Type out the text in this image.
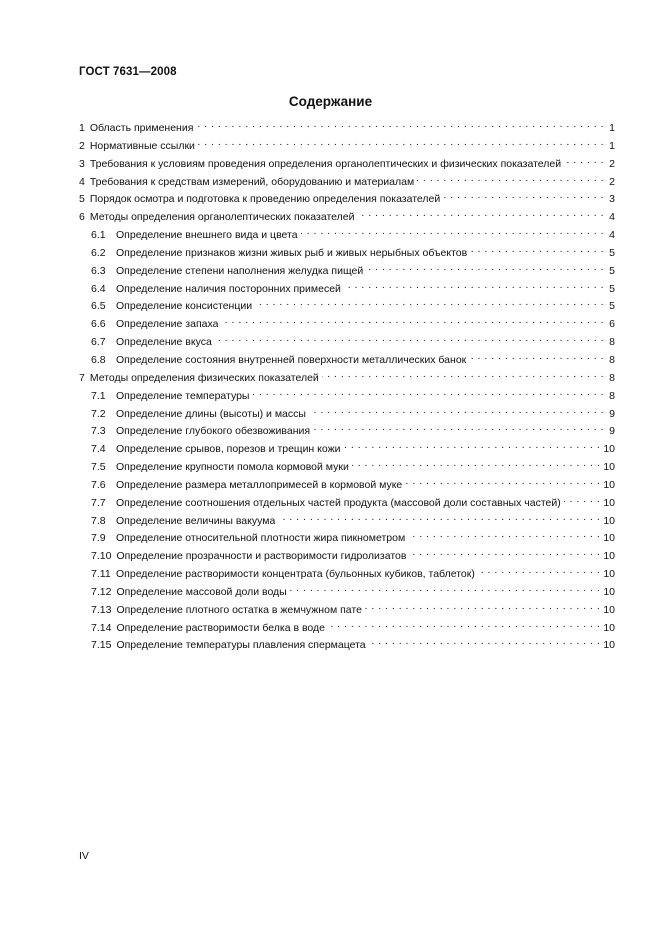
ГОСТ 7631—2008
Содержание
1 Область применения . . .	1
2 Нормативные ссылки . . .	1
3 Требования к условиям проведения определения органолептических и физических показателей . . .	2
4 Требования к средствам измерений, оборудованию и материалам . . .	2
5 Порядок осмотра и подготовка к проведению определения показателей . . .	3
6 Методы определения органолептических показателей . . .	4
6.1 Определение внешнего вида и цвета . . .	4
6.2 Определение признаков жизни живых рыб и живых нерыбных объектов . . .	5
6.3 Определение степени наполнения желудка пищей . . .	5
6.4 Определение наличия посторонних примесей . . .	5
6.5 Определение консистенции . . .	5
6.6 Определение запаха . . .	6
6.7 Определение вкуса . . .	8
6.8 Определение состояния внутренней поверхности металлических банок . . .	8
7 Методы определения физических показателей . . .	8
7.1 Определение температуры . . .	8
7.2 Определение длины (высоты) и массы . . .	9
7.3 Определение глубокого обезвоживания . . .	9
7.4 Определение срывов, порезов и трещин кожи . . .	10
7.5 Определение крупности помола кормовой муки . . .	10
7.6 Определение размера металлопримесей в кормовой муке . . .	10
7.7 Определение соотношения отдельных частей продукта (массовой доли составных частей) . . .	10
7.8 Определение величины вакуума . . .	10
7.9 Определение относительной плотности жира пикнометром . . .	10
7.10 Определение прозрачности и растворимости гидролизатов . . .	10
7.11 Определение растворимости концентрата (бульонных кубиков, таблеток) . . .	10
7.12 Определение массовой доли воды . . .	10
7.13 Определение плотного остатка в жемчужном пате . . .	10
7.14 Определение растворимости белка в воде . . .	10
7.15 Определение температуры плавления спермацета . . .	10
IV
